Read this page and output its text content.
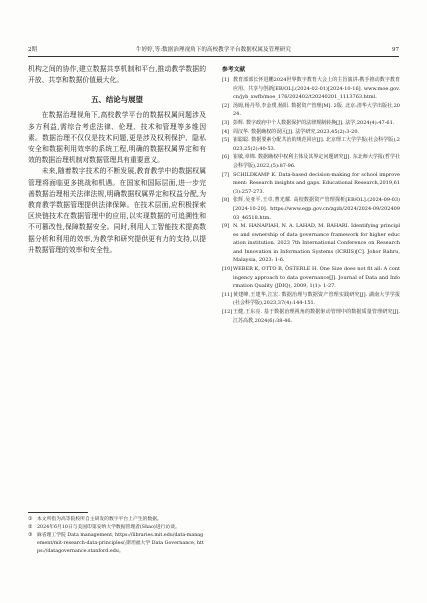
2期	牛婷婷,等:数据治理视角下的高校教学平台数据权属及管理研究	97

机构之间的协作,建立数据共享机制和平台,推动教学数据的开放、共享和数据价值最大化。

五、结论与展望

在数据治理视角下,高校教学平台的数据权属问题涉及多方利益,需综合考虑法律、伦理、技术和管理等多维因素。数据治理不仅仅是技术问题,更是涉及权利保护、隐私安全和数据利用效率的系统工程,明确的数据权属界定和有效的数据治理机制对数据管理具有重要意义。

未来,随着数字技术的不断发展,教育教学中的数据权属管理将面临更多挑战和机遇。在国家和国际层面,进一步完善数据治理相关法律法规,明确数据权属界定和权益分配,为教育教学数据管理提供法律保障。在技术层面,应积极探索区块链技术在数据管理中的应用,以实现数据的可追溯性和不可篡改性,保障数据安全。同时,利用人工智能技术提高数据分析和利用的效率,为教学和研究提供更有力的支持,以提升数据管理的效率和安全性。

参考文献
[1] 教育部部长怀进鹏2024世界数字教育大会上的主旨演讲:携手推动数字教育应用、共享与创新[EB/OL].(2024-02-01)[2024-10-16]. www.moe.gov.cn/jyb_xwfb/moe_176/202402/t20240201_1113763.html.
[2] 汤姆,杨丹琴,李金璞,杨阳. 数据资产管理[M]. 2版. 北京:清华大学出版社,2024.
[3] 彭辉. 数字政府中个人数据保护的法律规制转换[J]. 法学,2024(4):47-61.
[4] 周汉华. 数据确权的误区[J]. 法学研究,2023,45(2):3-20.
[5] 崔聪聪. 数据要素分配共治的规范回应[J]. 北京理工大学学报(社会科学版),2023,25(2):40-53.
[6] 崔敏,章锦. 数据确权中权利主体及其界定问题研究[J]. 东北师大学报(哲学社会科学版),2022,(5):87-96.
[7] SCHILDKAMP K. Data-based decision-making for school improvement: Research insights and gaps. Educational Research,2019,61(3):257-273.
[8] 张辉,吴亚平,王卓,曹光耀. 高校数据资产管理探析[EB/OL].(2024-09-03)[2024-10-20]. https://www.egp.gov.cn/zgzb/2024/2024-09/20240903_46518.htm.
[9] N. M. HANAPIAH, N. A. LAHAD, M. BAHARI. Identifying principles and ownership of data governance framework for higher education institution. 2023 7th International Conference on Research and Innovation in Information Systems (ICRIIS)[C]. Johor Bahru, Malaysia, 2023: 1-6.
[10] WEBER K, OTTO B, ÖSTERLE H. One Size does not fit all: A contingency approach to data governance[J]. Journal of Data and Information Quality (JDIQ), 2009, 1(1): 1-27.
[11] 黄建峰,王建华,江宏. 数据治理与数据资产管理实践研究[J]. 湖南大学学报(社会科学版),2023,37(4):144-151.
[12] 王健,王东亮. 基于数据治理视角的数据驱动管理中的数据质量管理研究[J]. 江苏高教,2024(6):38-46.
① 本文所指为高等院校所自主研发的数字平台上产生的数据。
② 2024年6月10日与美国印第安纳大学数据管理者(Shao)进行访谈。
③ 麻省理工学院 Data management, https://libraries.mit.edu/data-management/mit-research-data-principles/;斯坦福大学 Data Governance, https://datagovernance.stanford.edu。
